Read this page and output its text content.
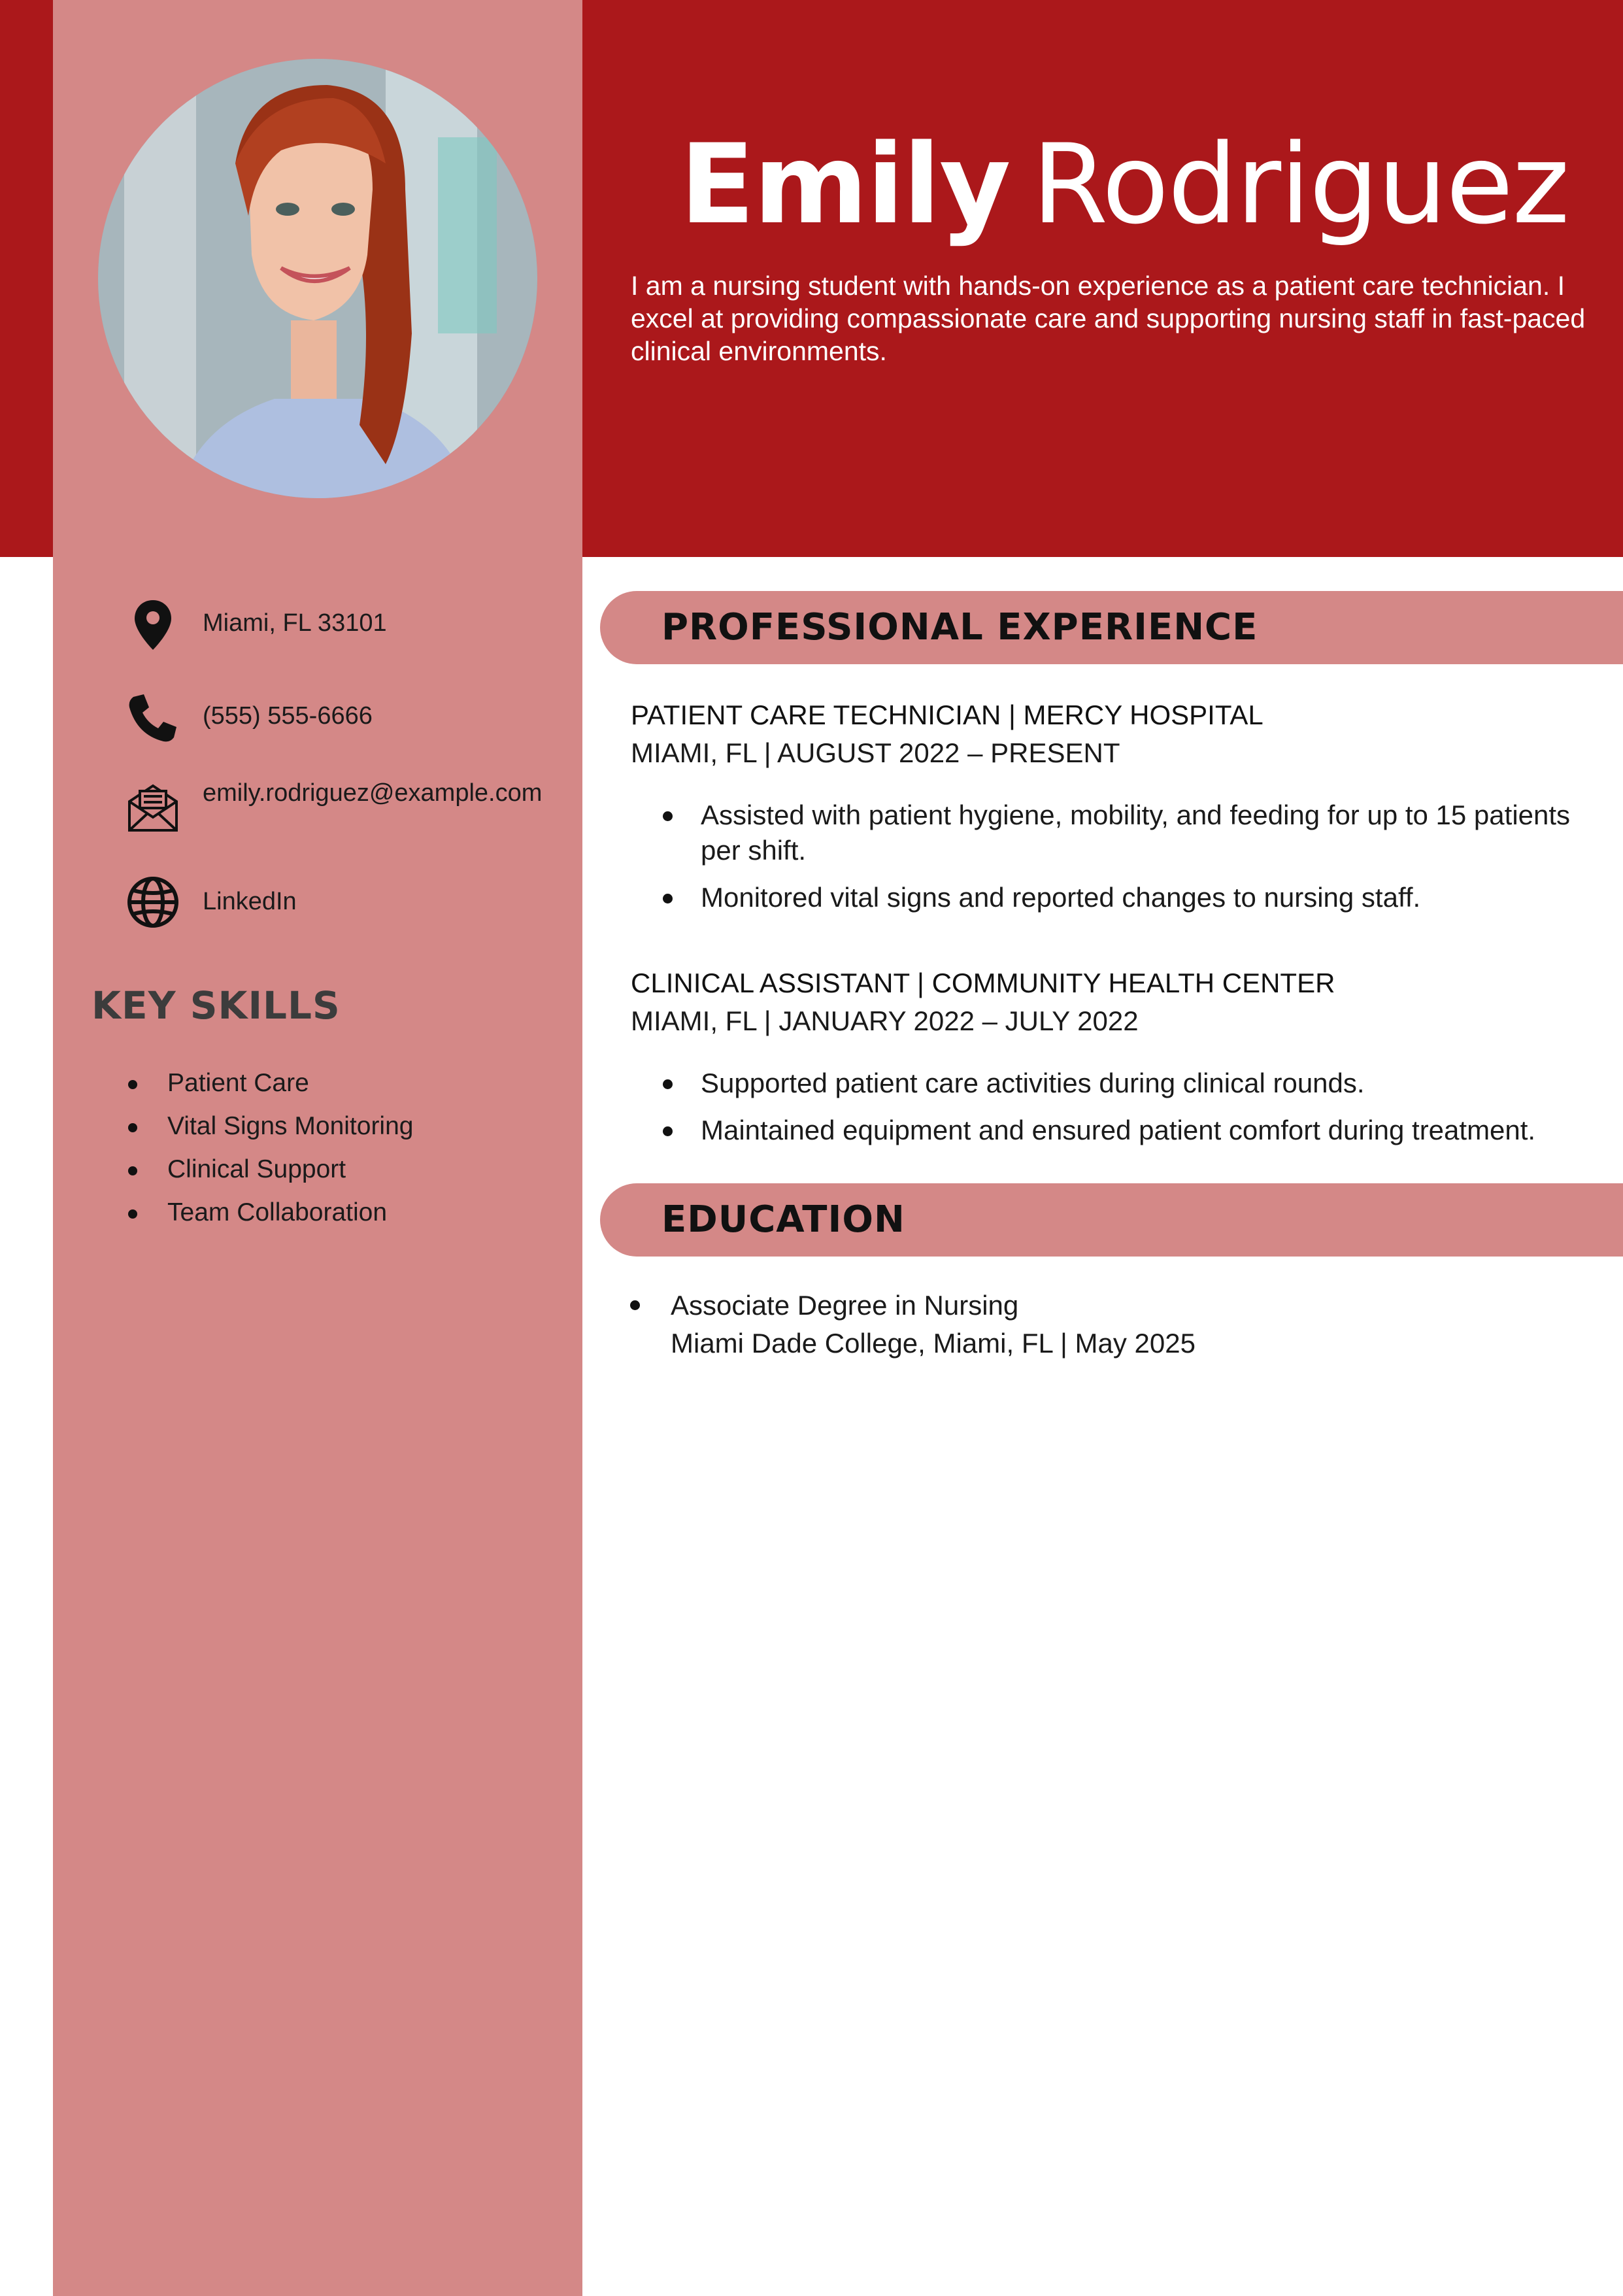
Emily Rodriguez
I am a nursing student with hands-on experience as a patient care technician. I excel at providing compassionate care and supporting nursing staff in fast-paced clinical environments.
Miami, FL 33101
(555) 555-6666
emily.rodriguez@example.com
LinkedIn
KEY SKILLS
Patient Care
Vital Signs Monitoring
Clinical Support
Team Collaboration
PROFESSIONAL EXPERIENCE
PATIENT CARE TECHNICIAN | MERCY HOSPITAL
MIAMI, FL | AUGUST 2022 – PRESENT
Assisted with patient hygiene, mobility, and feeding for up to 15 patients per shift.
Monitored vital signs and reported changes to nursing staff.
CLINICAL ASSISTANT | COMMUNITY HEALTH CENTER
MIAMI, FL | JANUARY 2022 – JULY 2022
Supported patient care activities during clinical rounds.
Maintained equipment and ensured patient comfort during treatment.
EDUCATION
Associate Degree in Nursing
Miami Dade College, Miami, FL | May 2025
